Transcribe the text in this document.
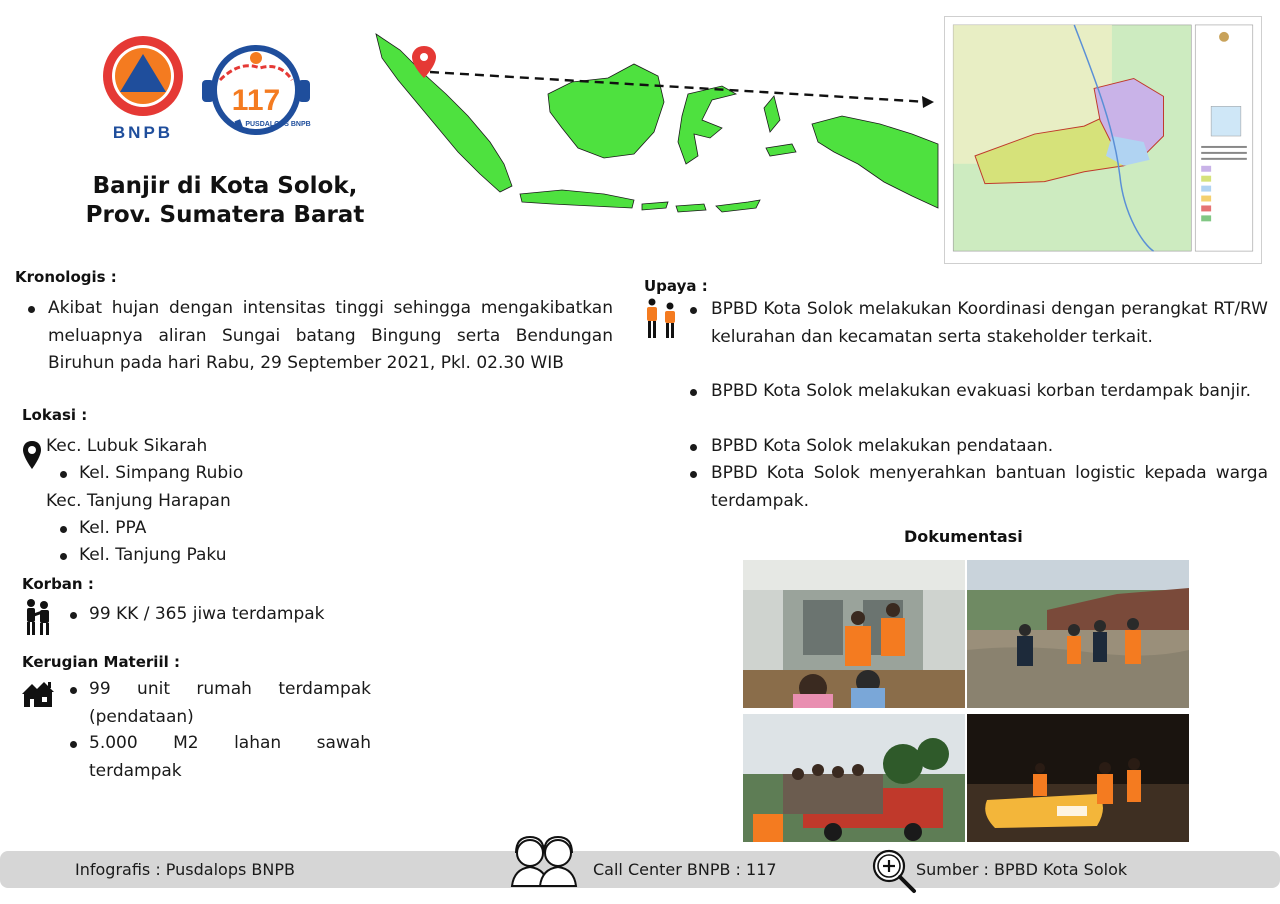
BNPB
117
PUSDALOPS BNPB
Banjir di Kota Solok,
Prov. Sumatera Barat
Kronologis :
Akibat hujan dengan intensitas tinggi sehingga mengakibatkan meluapnya aliran Sungai batang Bingung serta Bendungan Biruhun pada hari Rabu, 29 September 2021, Pkl. 02.30 WIB
Lokasi :
Kec. Lubuk Sikarah
Kel. Simpang Rubio
Kec. Tanjung Harapan
Kel. PPA
Kel. Tanjung Paku
Korban :
99 KK / 365 jiwa terdampak
Kerugian Materiil :
99 unit rumah terdampak (pendataan)
5.000 M2 lahan sawah terdampak
Upaya :
BPBD Kota Solok melakukan Koordinasi dengan perangkat RT/RW kelurahan dan kecamatan serta stakeholder terkait.
BPBD Kota Solok melakukan evakuasi korban terdampak banjir.
BPBD Kota Solok melakukan pendataan.
BPBD Kota Solok menyerahkan bantuan logistic kepada warga terdampak.
Dokumentasi
Infografis : Pusdalops BNPB	Call Center BNPB : 117	Sumber : BPBD Kota Solok
